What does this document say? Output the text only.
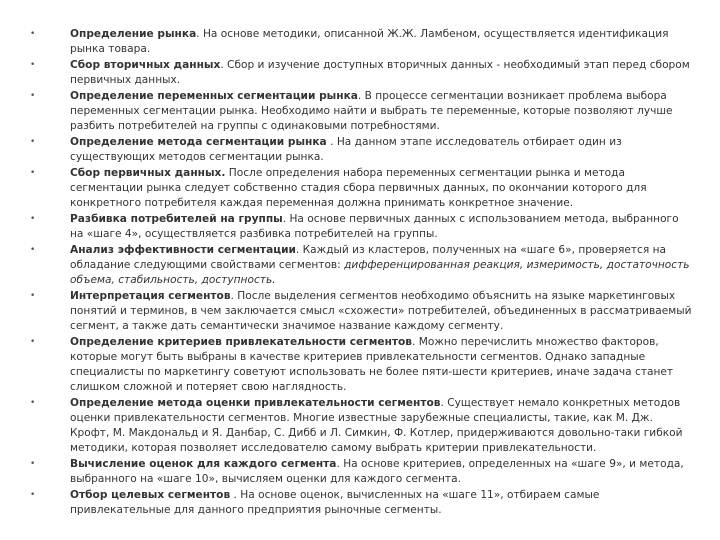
•	Определение рынка. На основе методики, описанной Ж.Ж. Ламбеном, осуществляется идентификация рынка товара.
•	Сбор вторичных данных. Сбор и изучение доступных вторичных данных - необходимый этап перед сбором первичных данных.
•	Определение переменных сегментации рынка. В процессе сегментации возникает проблема выбора переменных сегментации рынка. Необходимо найти и выбрать те переменные, которые позволяют лучше разбить потребителей на группы с одинаковыми потребностями.
•	Определение метода сегментации рынка . На данном этапе исследователь отбирает один из существующих методов сегментации рынка.
•	Сбор первичных данных. После определения набора переменных сегментации рынка и метода сегментации рынка следует собственно стадия сбора первичных данных, по окончании которого для конкретного потребителя каждая переменная должна принимать конкретное значение.
•	Разбивка потребителей на группы. На основе первичных данных с использованием метода, выбранного на «шаге 4», осуществляется разбивка потребителей на группы.
•	Анализ эффективности сегментации. Каждый из кластеров, полученных на «шаге 6», проверяется на обладание следующими свойствами сегментов: дифференцированная реакция, измеримость, достаточность объема, стабильность, доступность.
•	Интерпретация сегментов. После выделения сегментов необходимо объяснить на языке маркетинговых понятий и терминов, в чем заключается смысл «схожести» потребителей, объединенных в рассматриваемый сегмент, а также дать семантически значимое название каждому сегменту.
•	Определение критериев привлекательности сегментов. Можно перечислить множество факторов, которые могут быть выбраны в качестве критериев привлекательности сегментов. Однако западные специалисты по маркетингу советуют использовать не более пяти-шести критериев, иначе задача станет слишком сложной и потеряет свою наглядность.
•	Определение метода оценки привлекательности сегментов. Существует немало конкретных методов оценки привлекательности сегментов. Многие известные зарубежные специалисты, такие, как М. Дж. Крофт, М. Макдональд и Я. Данбар, С. Дибб и Л. Симкин, Ф. Котлер, придерживаются довольно-таки гибкой методики, которая позволяет исследователю самому выбрать критерии привлекательности.
•	Вычисление оценок для каждого сегмента. На основе критериев, определенных на «шаге 9», и метода, выбранного на «шаге 10», вычисляем оценки для каждого сегмента.
•	Отбор целевых сегментов . На основе оценок, вычисленных на «шаге 11», отбираем самые привлекательные для данного предприятия рыночные сегменты.
